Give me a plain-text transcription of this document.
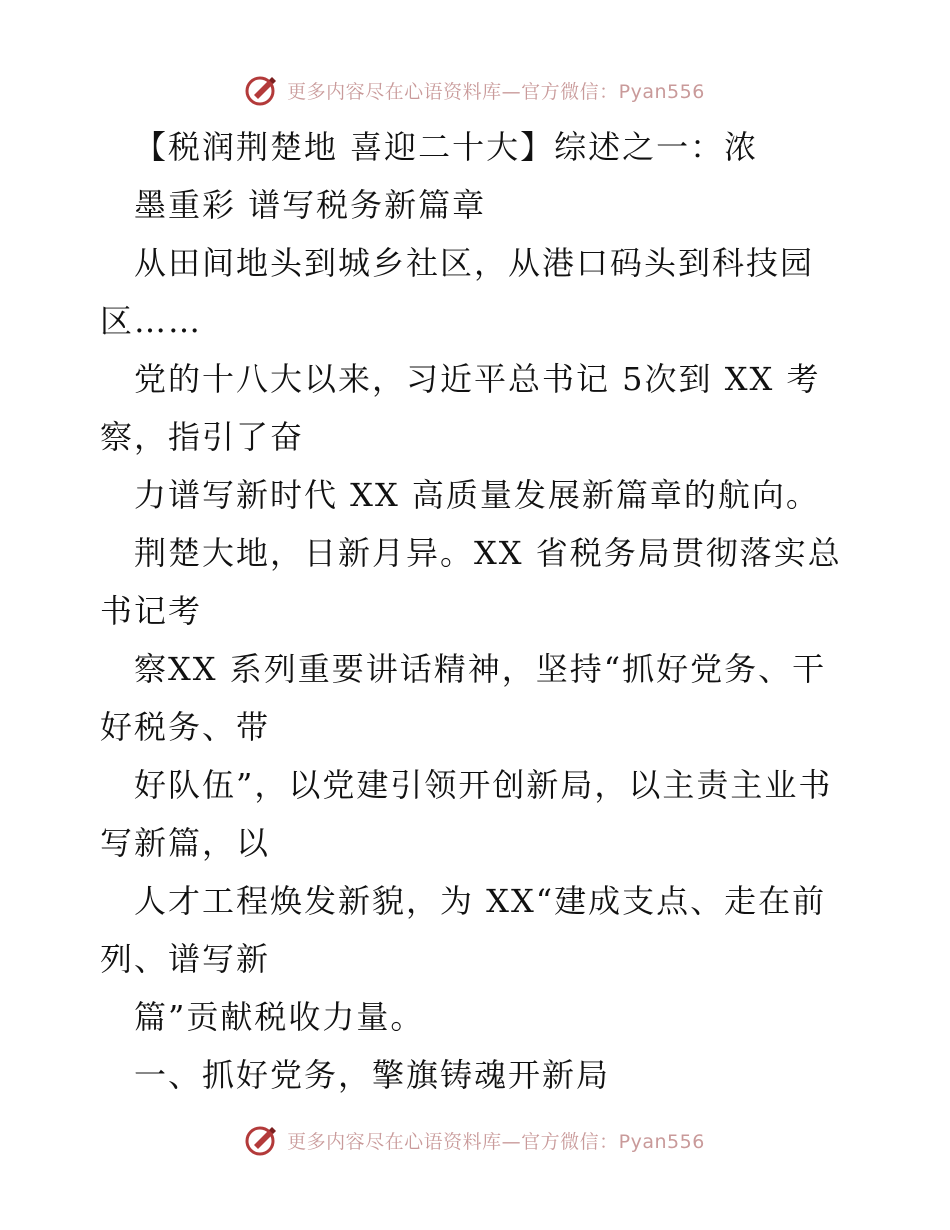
更多内容尽在心语资料库—官方微信：Pyan556

【税润荆楚地 喜迎二十大】综述之一：浓

墨重彩 谱写税务新篇章

从田间地头到城乡社区，从港口码头到科技园

区……

党的十八大以来，习近平总书记 5次到 XX 考

察，指引了奋

力谱写新时代 XX 高质量发展新篇章的航向。

荆楚大地，日新月异。XX 省税务局贯彻落实总

书记考

察XX 系列重要讲话精神，坚持“抓好党务、干

好税务、带

好队伍”，以党建引领开创新局，以主责主业书

写新篇，以

人才工程焕发新貌，为 XX“建成支点、走在前

列、谱写新

篇”贡献税收力量。

一、抓好党务，擎旗铸魂开新局

更多内容尽在心语资料库—官方微信：Pyan556
